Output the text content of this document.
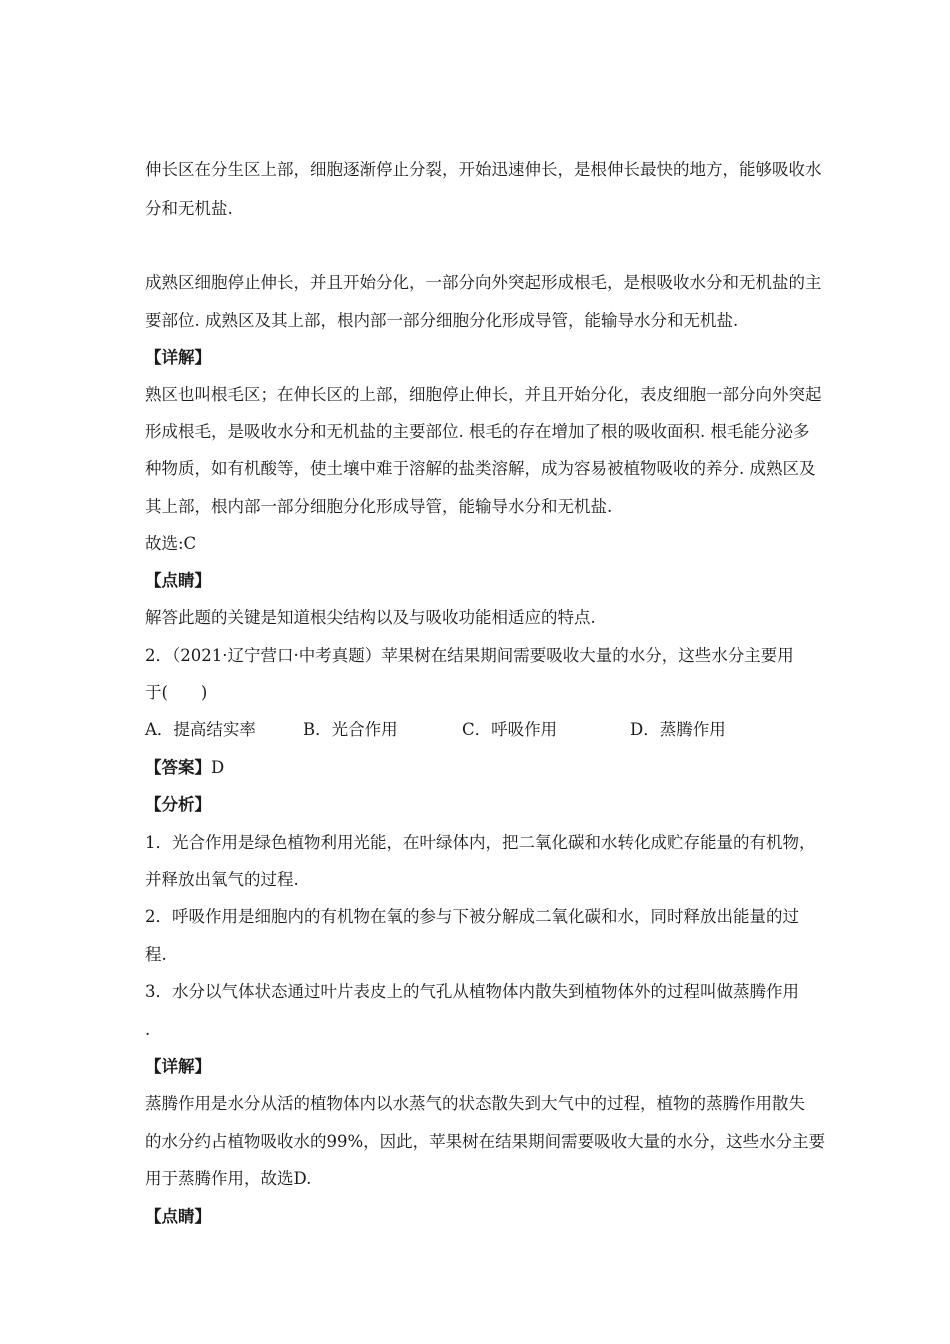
伸长区在分生区上部，细胞逐渐停止分裂，开始迅速伸长，是根伸长最快的地方，能够吸收水
分和无机盐.
成熟区细胞停止伸长，并且开始分化，一部分向外突起形成根毛，是根吸收水分和无机盐的主
要部位. 成熟区及其上部，根内部一部分细胞分化形成导管，能输导水分和无机盐.
【详解】
熟区也叫根毛区；在伸长区的上部，细胞停止伸长，并且开始分化，表皮细胞一部分向外突起
形成根毛，是吸收水分和无机盐的主要部位. 根毛的存在增加了根的吸收面积. 根毛能分泌多
种物质，如有机酸等，使土壤中难于溶解的盐类溶解，成为容易被植物吸收的养分. 成熟区及
其上部，根内部一部分细胞分化形成导管，能输导水分和无机盐.
故选:C
【点睛】
解答此题的关键是知道根尖结构以及与吸收功能相适应的特点.
2．（2021·辽宁营口·中考真题）苹果树在结果期间需要吸收大量的水分，这些水分主要用
于(　　)
A．提高结实率	B．光合作用	C．呼吸作用	D．蒸腾作用
【答案】D
【分析】
1．光合作用是绿色植物利用光能，在叶绿体内，把二氧化碳和水转化成贮存能量的有机物，
并释放出氧气的过程.
2．呼吸作用是细胞内的有机物在氧的参与下被分解成二氧化碳和水，同时释放出能量的过
程.
3．水分以气体状态通过叶片表皮上的气孔从植物体内散失到植物体外的过程叫做蒸腾作用
.
【详解】
蒸腾作用是水分从活的植物体内以水蒸气的状态散失到大气中的过程，植物的蒸腾作用散失
的水分约占植物吸收水的99%，因此，苹果树在结果期间需要吸收大量的水分，这些水分主要
用于蒸腾作用，故选D.
【点睛】
